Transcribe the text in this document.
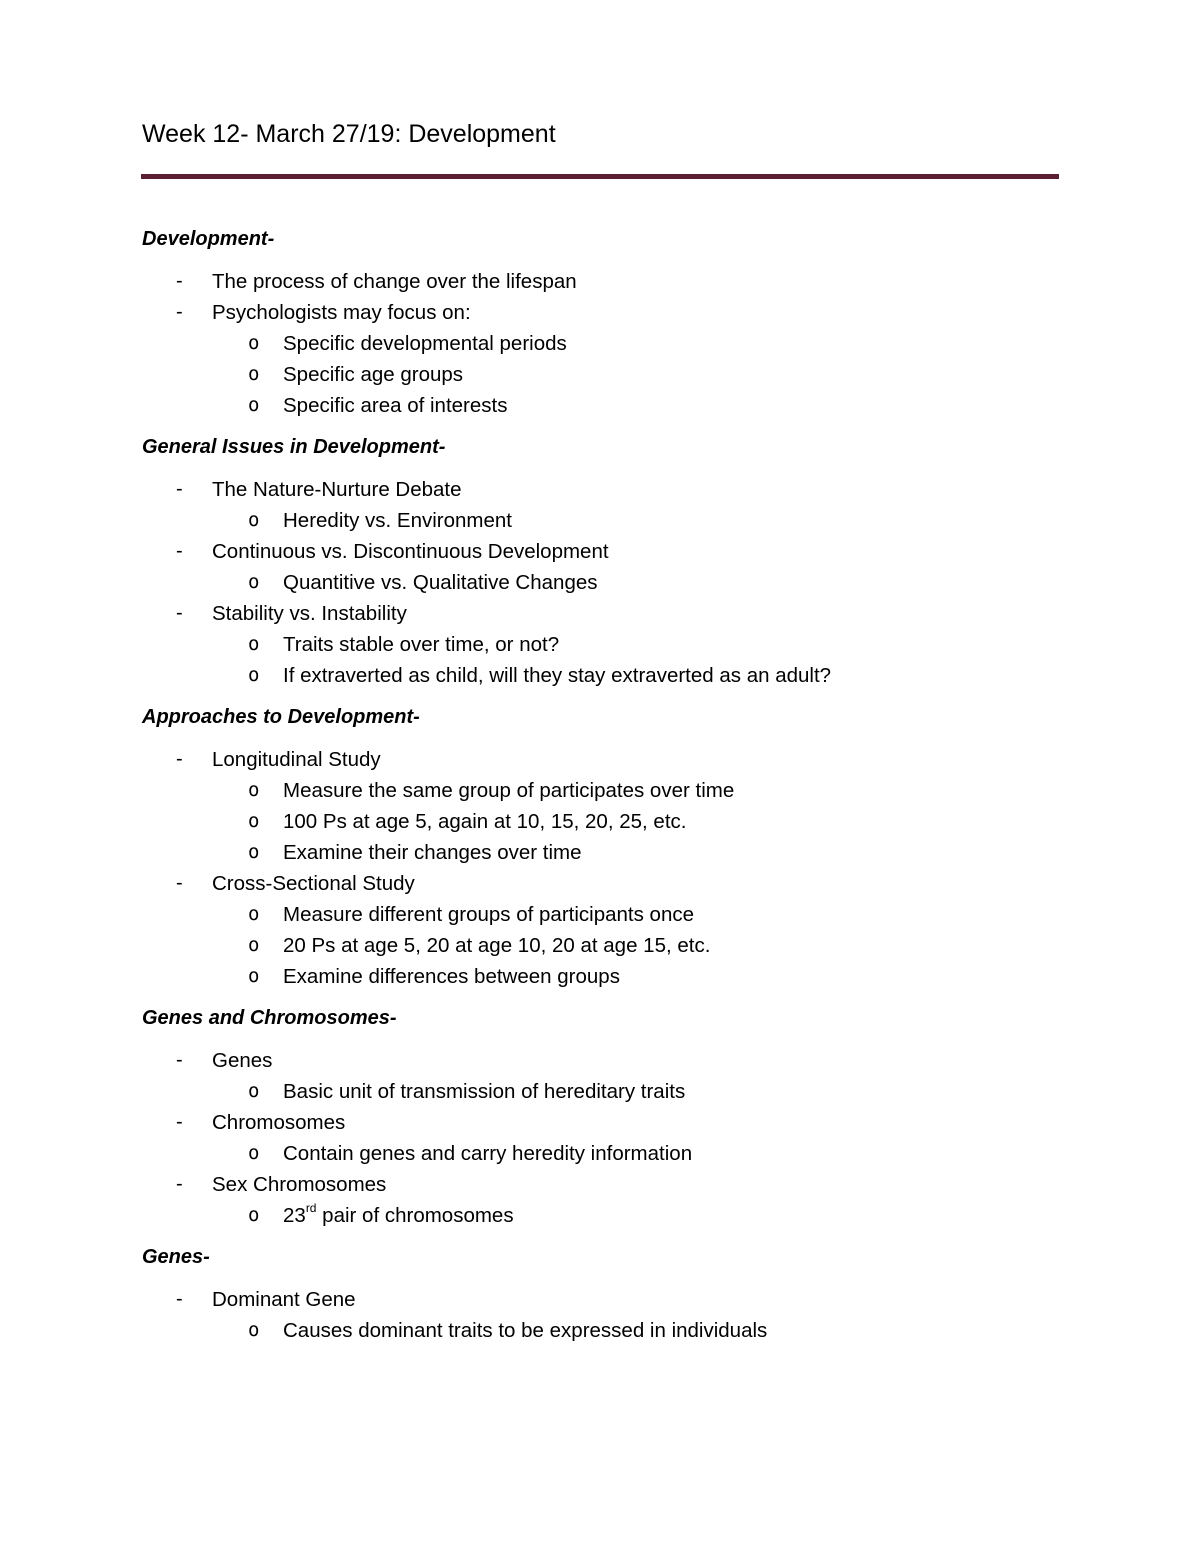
Week 12- March 27/19: Development
Development-
- The process of change over the lifespan
- Psychologists may focus on:
o Specific developmental periods
o Specific age groups
o Specific area of interests
General Issues in Development-
- The Nature-Nurture Debate
o Heredity vs. Environment
- Continuous vs. Discontinuous Development
o Quantitive vs. Qualitative Changes
- Stability vs. Instability
o Traits stable over time, or not?
o If extraverted as child, will they stay extraverted as an adult?
Approaches to Development-
- Longitudinal Study
o Measure the same group of participates over time
o 100 Ps at age 5, again at 10, 15, 20, 25, etc.
o Examine their changes over time
- Cross-Sectional Study
o Measure different groups of participants once
o 20 Ps at age 5, 20 at age 10, 20 at age 15, etc.
o Examine differences between groups
Genes and Chromosomes-
- Genes
o Basic unit of transmission of hereditary traits
- Chromosomes
o Contain genes and carry heredity information
- Sex Chromosomes
o 23rd pair of chromosomes
Genes-
- Dominant Gene
o Causes dominant traits to be expressed in individuals
